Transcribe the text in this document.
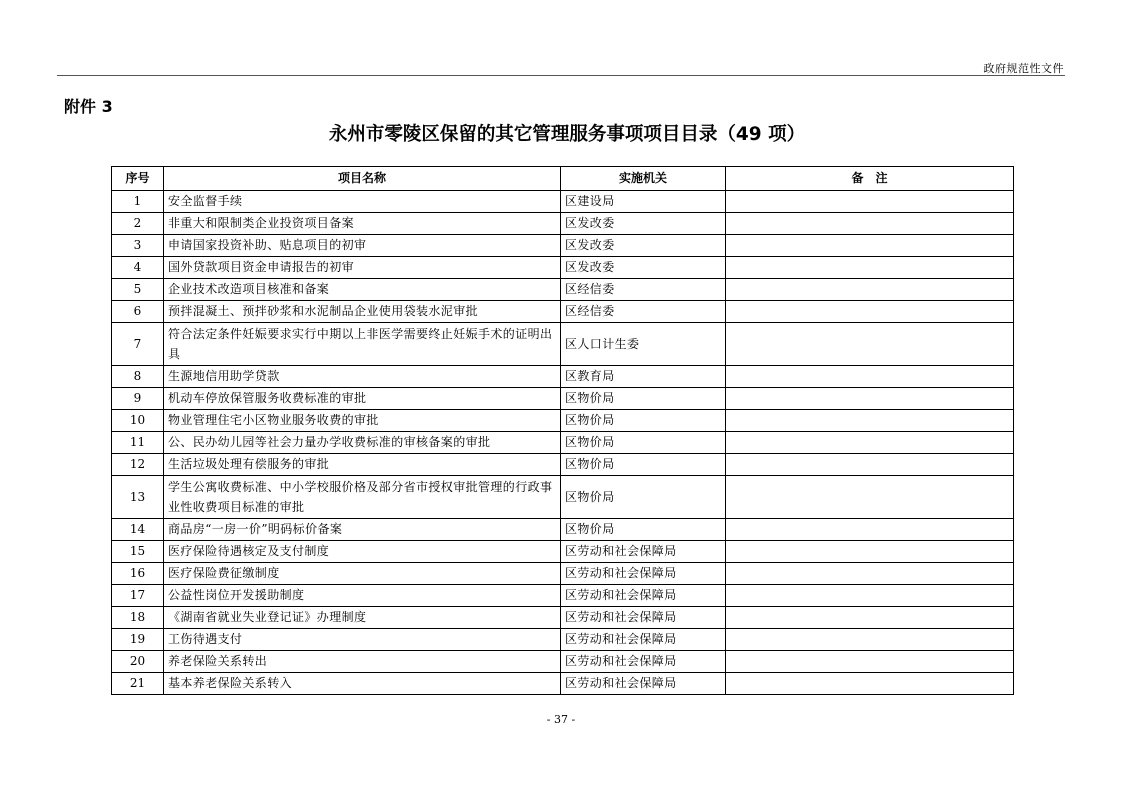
政府规范性文件
附件 3
永州市零陵区保留的其它管理服务事项项目目录（49 项）
序号	项目名称	实施机关	备　注
1	安全监督手续	区建设局	
2	非重大和限制类企业投资项目备案	区发改委	
3	申请国家投资补助、贴息项目的初审	区发改委	
4	国外贷款项目资金申请报告的初审	区发改委	
5	企业技术改造项目核准和备案	区经信委	
6	预拌混凝土、预拌砂浆和水泥制品企业使用袋装水泥审批	区经信委	
7	符合法定条件妊娠要求实行中期以上非医学需要终止妊娠手术的证明出具	区人口计生委	
8	生源地信用助学贷款	区教育局	
9	机动车停放保管服务收费标准的审批	区物价局	
10	物业管理住宅小区物业服务收费的审批	区物价局	
11	公、民办幼儿园等社会力量办学收费标准的审核备案的审批	区物价局	
12	生活垃圾处理有偿服务的审批	区物价局	
13	学生公寓收费标准、中小学校服价格及部分省市授权审批管理的行政事业性收费项目标准的审批	区物价局	
14	商品房“一房一价”明码标价备案	区物价局	
15	医疗保险待遇核定及支付制度	区劳动和社会保障局	
16	医疗保险费征缴制度	区劳动和社会保障局	
17	公益性岗位开发援助制度	区劳动和社会保障局	
18	《湖南省就业失业登记证》办理制度	区劳动和社会保障局	
19	工伤待遇支付	区劳动和社会保障局	
20	养老保险关系转出	区劳动和社会保障局	
21	基本养老保险关系转入	区劳动和社会保障局	
- 37 -
